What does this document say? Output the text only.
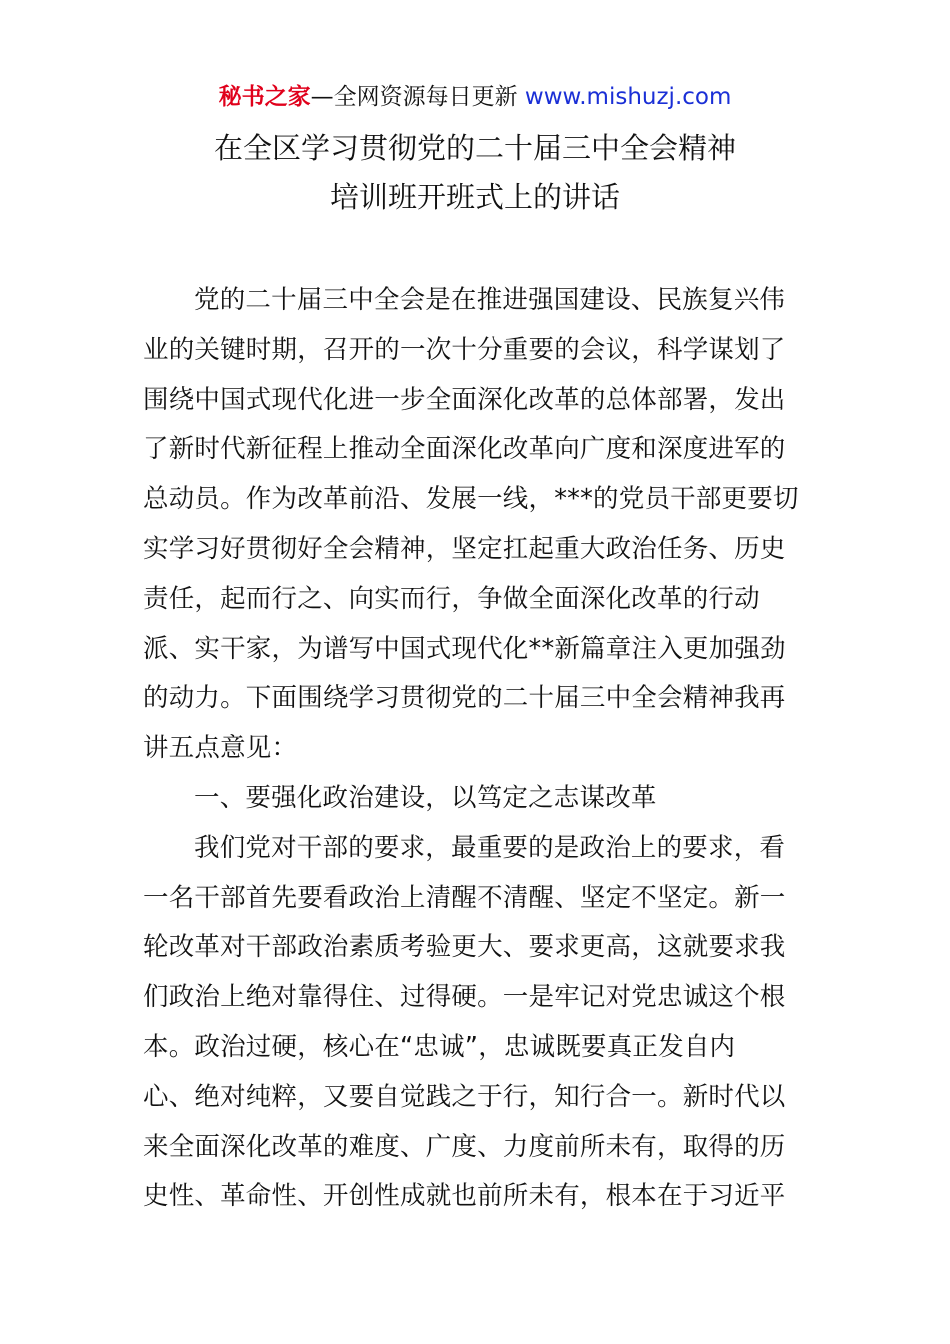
秘书之家—全网资源每日更新 www.mishuzj.com
在全区学习贯彻党的二十届三中全会精神
培训班开班式上的讲话
党的二十届三中全会是在推进强国建设、民族复兴伟
业的关键时期，召开的一次十分重要的会议，科学谋划了
围绕中国式现代化进一步全面深化改革的总体部署，发出
了新时代新征程上推动全面深化改革向广度和深度进军的
总动员。作为改革前沿、发展一线，***的党员干部更要切
实学习好贯彻好全会精神，坚定扛起重大政治任务、历史
责任，起而行之、向实而行，争做全面深化改革的行动
派、实干家，为谱写中国式现代化**新篇章注入更加强劲
的动力。下面围绕学习贯彻党的二十届三中全会精神我再
讲五点意见：
一、要强化政治建设，以笃定之志谋改革
我们党对干部的要求，最重要的是政治上的要求，看
一名干部首先要看政治上清醒不清醒、坚定不坚定。新一
轮改革对干部政治素质考验更大、要求更高，这就要求我
们政治上绝对靠得住、过得硬。一是牢记对党忠诚这个根
本。政治过硬，核心在“忠诚”，忠诚既要真正发自内
心、绝对纯粹，又要自觉践之于行，知行合一。新时代以
来全面深化改革的难度、广度、力度前所未有，取得的历
史性、革命性、开创性成就也前所未有，根本在于习近平
